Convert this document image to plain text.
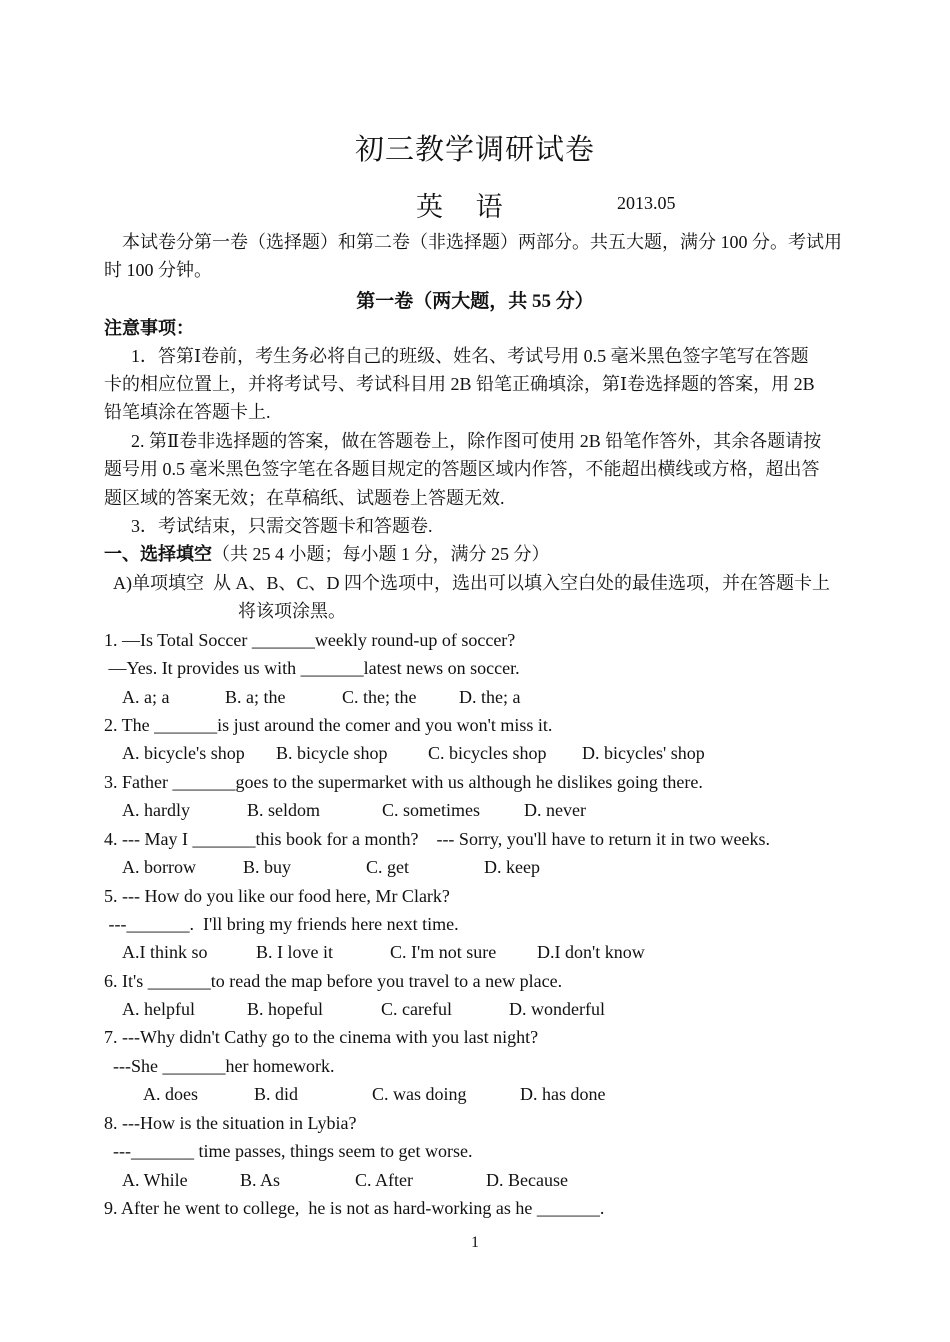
初三教学调研试卷
英 语	2013.05
本试卷分第一卷（选择题）和第二卷（非选择题）两部分。共五大题，满分 100 分。考试用
时 100 分钟。
第一卷（两大题，共 55 分）
注意事项：
1．答第Ⅰ卷前，考生务必将自己的班级、姓名、考试号用 0.5 毫米黑色签字笔写在答题
卡的相应位置上，并将考试号、考试科目用 2B 铅笔正确填涂，第Ⅰ卷选择题的答案，用 2B
铅笔填涂在答题卡上.
2. 第Ⅱ卷非选择题的答案，做在答题卷上，除作图可使用 2B 铅笔作答外，其余各题请按
题号用 0.5 毫米黑色签字笔在各题目规定的答题区域内作答，不能超出横线或方格，超出答
题区域的答案无效；在草稿纸、试题卷上答题无效.
3．考试结束，只需交答题卡和答题卷.
一、选择填空（共 25 4 小题；每小题 1 分，满分 25 分）
A)单项填空  从 A、B、C、D 四个选项中，选出可以填入空白处的最佳选项，并在答题卡上
将该项涂黑。
1. —Is Total Soccer _______weekly round-up of soccer?
—Yes. It provides us with _______latest news on soccer.
A. a; a	B. a; the	C. the; the D. the; a
2. The _______is just around the comer and you won't miss it.
A. bicycle's shop B. bicycle shop C. bicycles shop D. bicycles' shop
3. Father _______goes to the supermarket with us although he dislikes going there.
A. hardly	B. seldom	C. sometimes D. never
4. --- May I _______this book for a month?    --- Sorry, you'll have to return it in two weeks.
A. borrow	B. buy	C. get	D. keep
5. --- How do you like our food here, Mr Clark?
---_______.  I'll bring my friends here next time.
A.I think so	B. I love it	C. I'm not sure D.I don't know
6. It's _______to read the map before you travel to a new place.
A. helpful	B. hopeful	C. careful	D. wonderful
7. ---Why didn't Cathy go to the cinema with you last night?
---She _______her homework.
A. does	B. did	C. was doing	D. has done
8. ---How is the situation in Lybia?
---_______ time passes, things seem to get worse.
A. While	B. As	C. After	D. Because
9. After he went to college,  he is not as hard-working as he _______.
1
